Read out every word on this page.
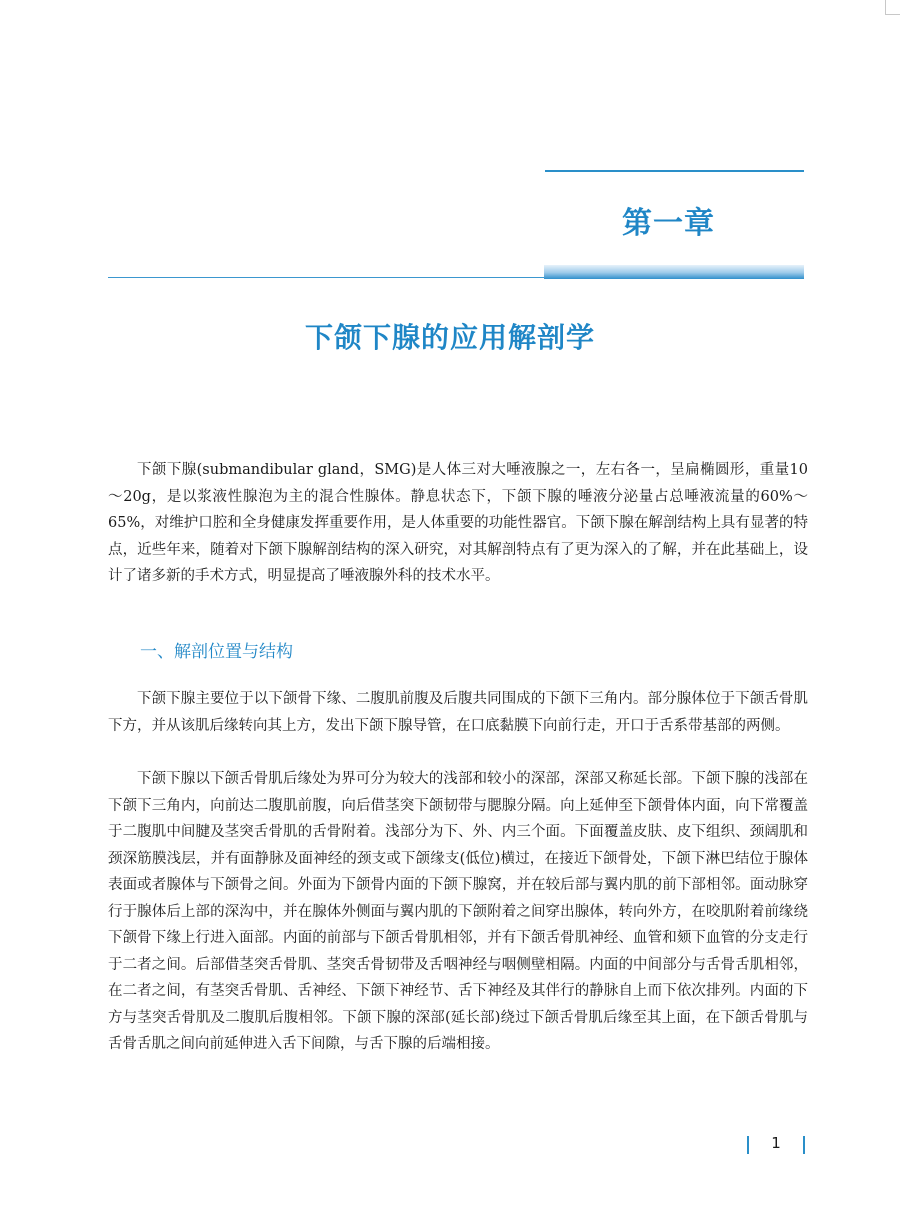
第一章
下颌下腺的应用解剖学

下颌下腺(submandibular gland，SMG)是人体三对大唾液腺之一，左右各一，呈扁椭圆形，重量10～20g，是以浆液性腺泡为主的混合性腺体。静息状态下，下颌下腺的唾液分泌量占总唾液流量的60%～65%，对维护口腔和全身健康发挥重要作用，是人体重要的功能性器官。下颌下腺在解剖结构上具有显著的特点，近些年来，随着对下颌下腺解剖结构的深入研究，对其解剖特点有了更为深入的了解，并在此基础上，设计了诸多新的手术方式，明显提高了唾液腺外科的技术水平。

一、解剖位置与结构

下颌下腺主要位于以下颌骨下缘、二腹肌前腹及后腹共同围成的下颌下三角内。部分腺体位于下颌舌骨肌下方，并从该肌后缘转向其上方，发出下颌下腺导管，在口底黏膜下向前行走，开口于舌系带基部的两侧。

下颌下腺以下颌舌骨肌后缘处为界可分为较大的浅部和较小的深部，深部又称延长部。下颌下腺的浅部在下颌下三角内，向前达二腹肌前腹，向后借茎突下颌韧带与腮腺分隔。向上延伸至下颌骨体内面，向下常覆盖于二腹肌中间腱及茎突舌骨肌的舌骨附着。浅部分为下、外、内三个面。下面覆盖皮肤、皮下组织、颈阔肌和颈深筋膜浅层，并有面静脉及面神经的颈支或下颌缘支(低位)横过，在接近下颌骨处，下颌下淋巴结位于腺体表面或者腺体与下颌骨之间。外面为下颌骨内面的下颌下腺窝，并在较后部与翼内肌的前下部相邻。面动脉穿行于腺体后上部的深沟中，并在腺体外侧面与翼内肌的下颌附着之间穿出腺体，转向外方，在咬肌附着前缘绕下颌骨下缘上行进入面部。内面的前部与下颌舌骨肌相邻，并有下颌舌骨肌神经、血管和颏下血管的分支走行于二者之间。后部借茎突舌骨肌、茎突舌骨韧带及舌咽神经与咽侧壁相隔。内面的中间部分与舌骨舌肌相邻，在二者之间，有茎突舌骨肌、舌神经、下颌下神经节、舌下神经及其伴行的静脉自上而下依次排列。内面的下方与茎突舌骨肌及二腹肌后腹相邻。下颌下腺的深部(延长部)绕过下颌舌骨肌后缘至其上面，在下颌舌骨肌与舌骨舌肌之间向前延伸进入舌下间隙，与舌下腺的后端相接。

1
